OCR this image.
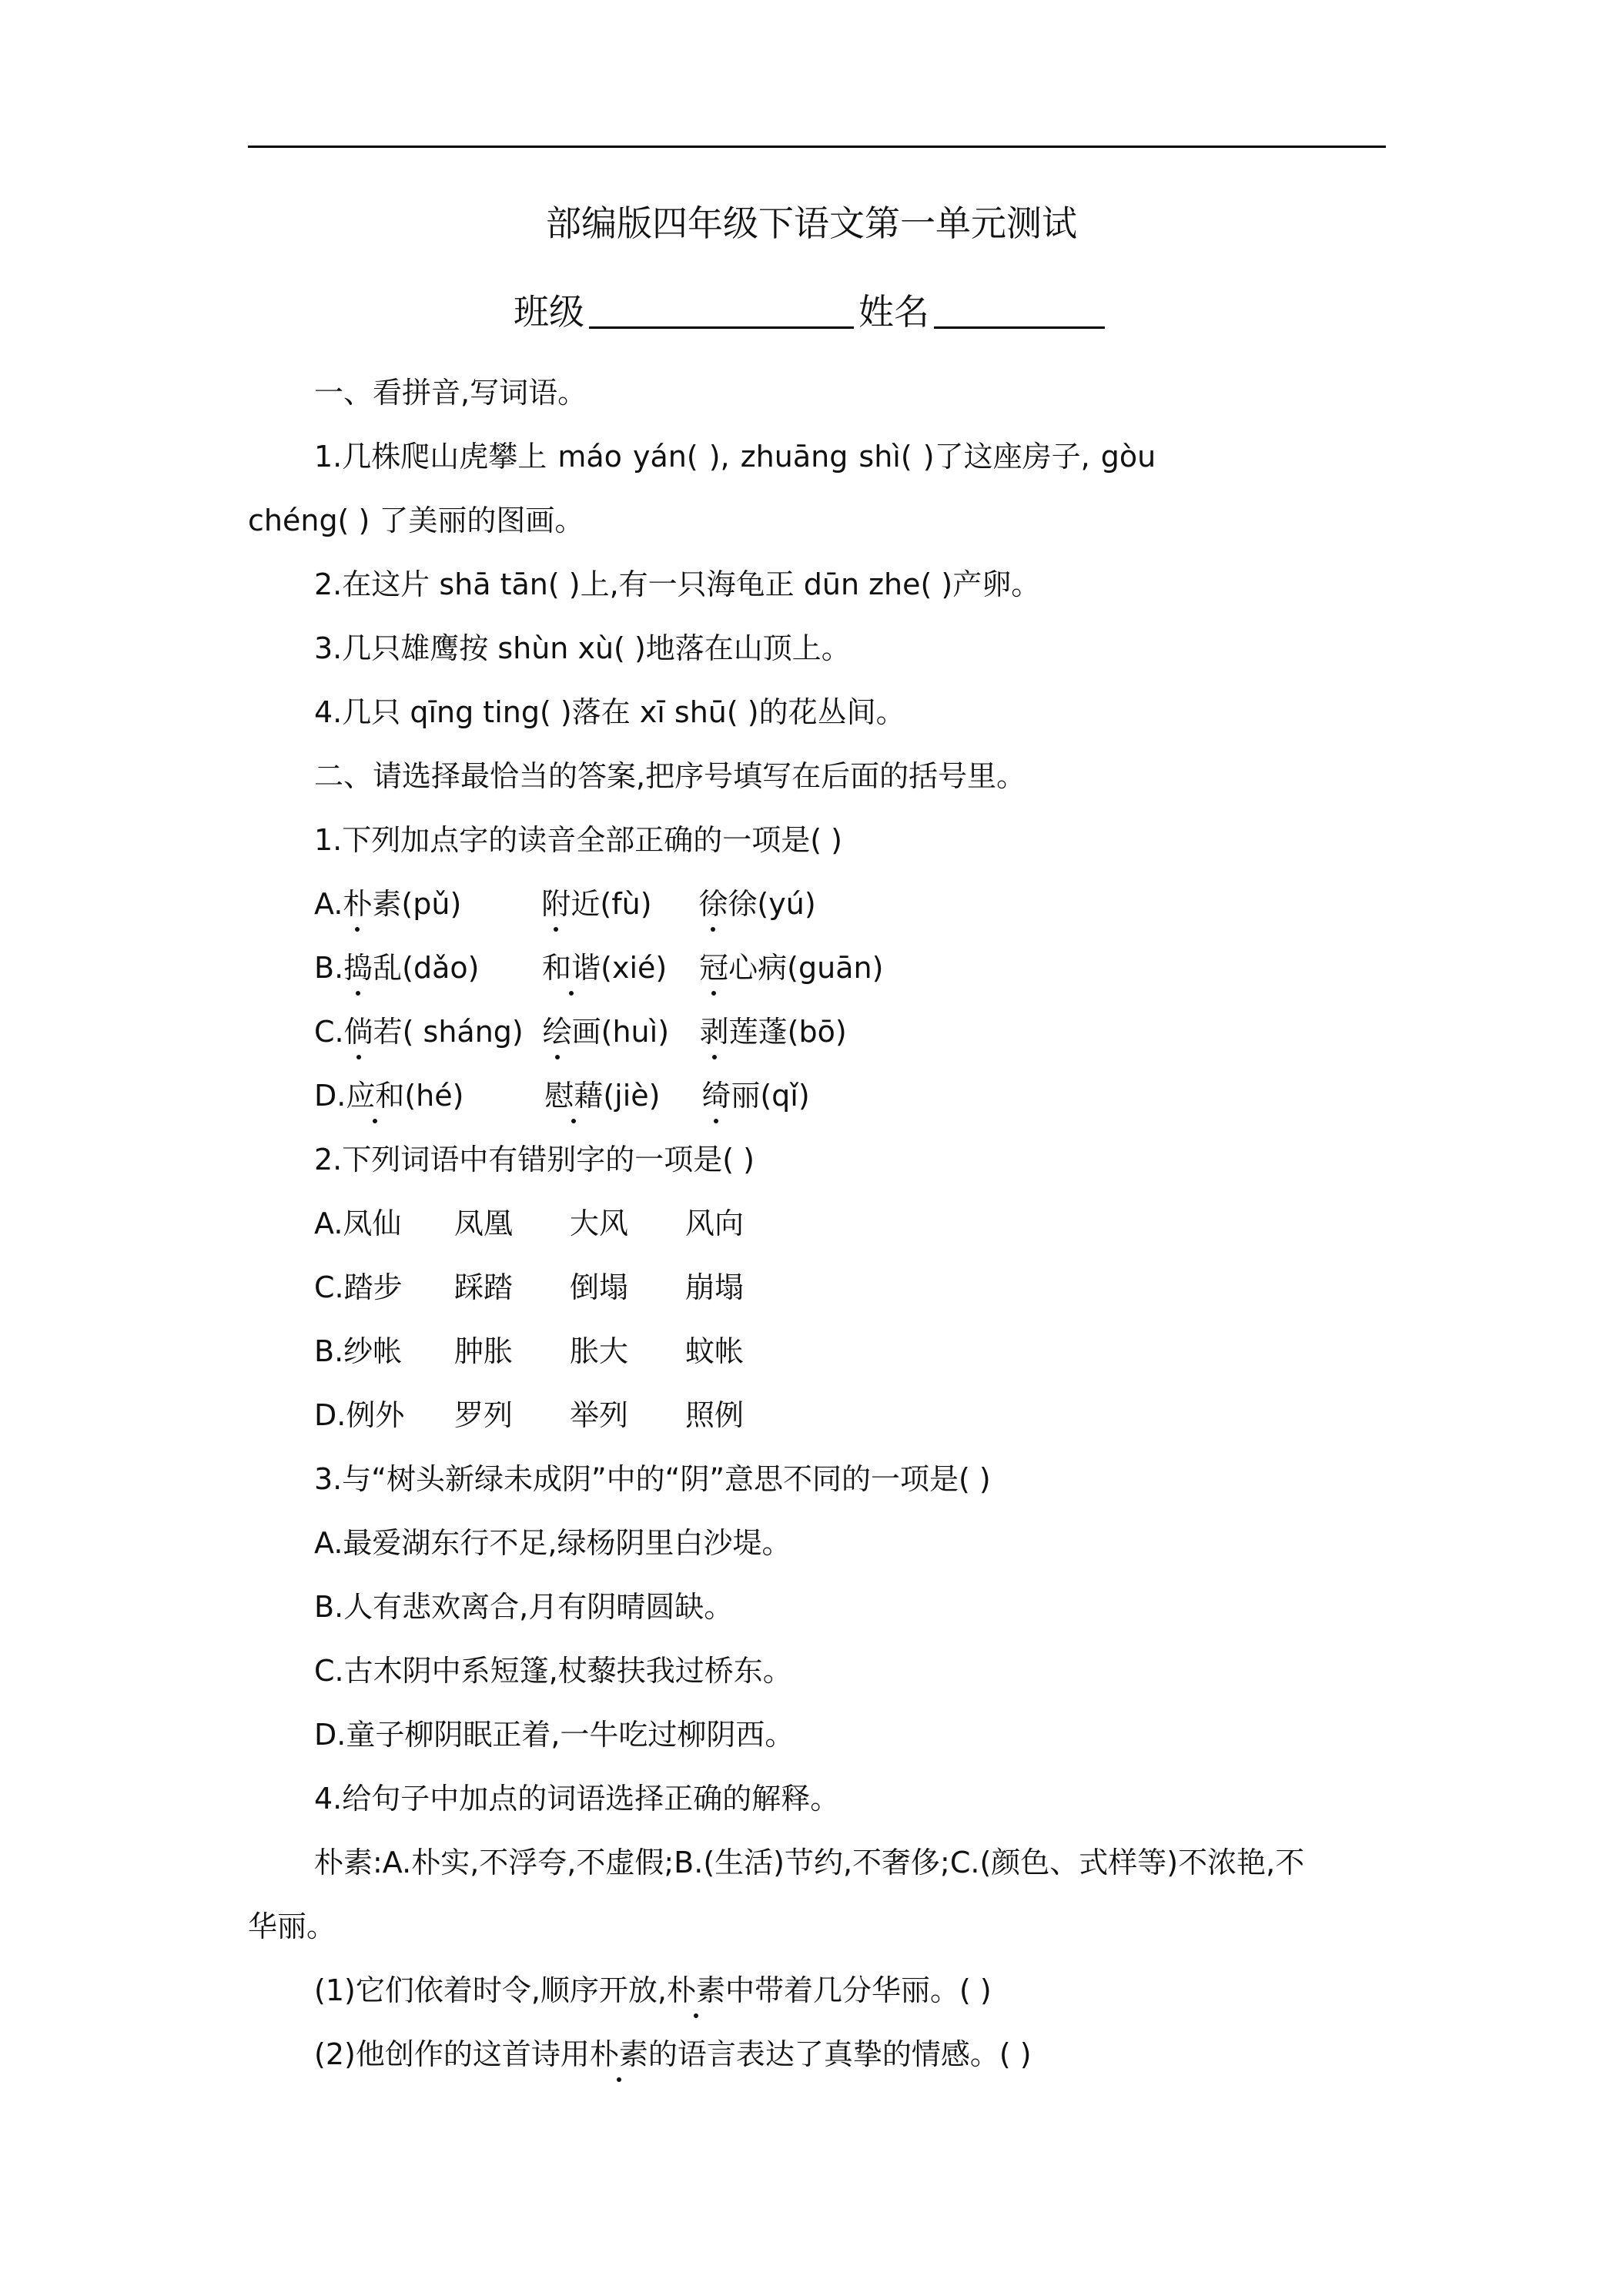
部编版四年级下语文第一单元测试
班级	姓名
一、看拼音,写词语。
1.几株爬山虎攀上 máo yán( ), zhuāng shì( )了这座房子, gòu
chéng( ) 了美丽的图画。
2.在这片 shā tān( )上,有一只海龟正 dūn zhe( )产卵。
3.几只雄鹰按 shùn xù( )地落在山顶上。
4.几只 qīng ting( )落在 xī shū( )的花丛间。
二、请选择最恰当的答案,把序号填写在后面的括号里。
1.下列加点字的读音全部正确的一项是( )
A.朴素(pǔ)	附近(fù) 徐徐(yú)
B.捣乱(dǎo) 和谐(xié) 冠心病(guān)
C.倘若( sháng) 绘画(huì) 剥莲蓬(bō)
D.应和(hé)	慰藉(jiè) 绮丽(qǐ)
2.下列词语中有错别字的一项是( )
A.凤仙 凤凰 大风 风向
C.踏步 踩踏 倒塌 崩塌
B.纱帐 肿胀 胀大 蚊帐
D.例外 罗列 举列 照例
3.与“树头新绿未成阴”中的“阴”意思不同的一项是( )
A.最爱湖东行不足,绿杨阴里白沙堤。
B.人有悲欢离合,月有阴晴圆缺。
C.古木阴中系短篷,杖藜扶我过桥东。
D.童子柳阴眠正着,一牛吃过柳阴西。
4.给句子中加点的词语选择正确的解释。
朴素:A.朴实,不浮夸,不虚假;B.(生活)节约,不奢侈;C.(颜色、式样等)不浓艳,不
华丽。
(1)它们依着时令,顺序开放,朴素中带着几分华丽。( )
(2)他创作的这首诗用朴素的语言表达了真挚的情感。( )
